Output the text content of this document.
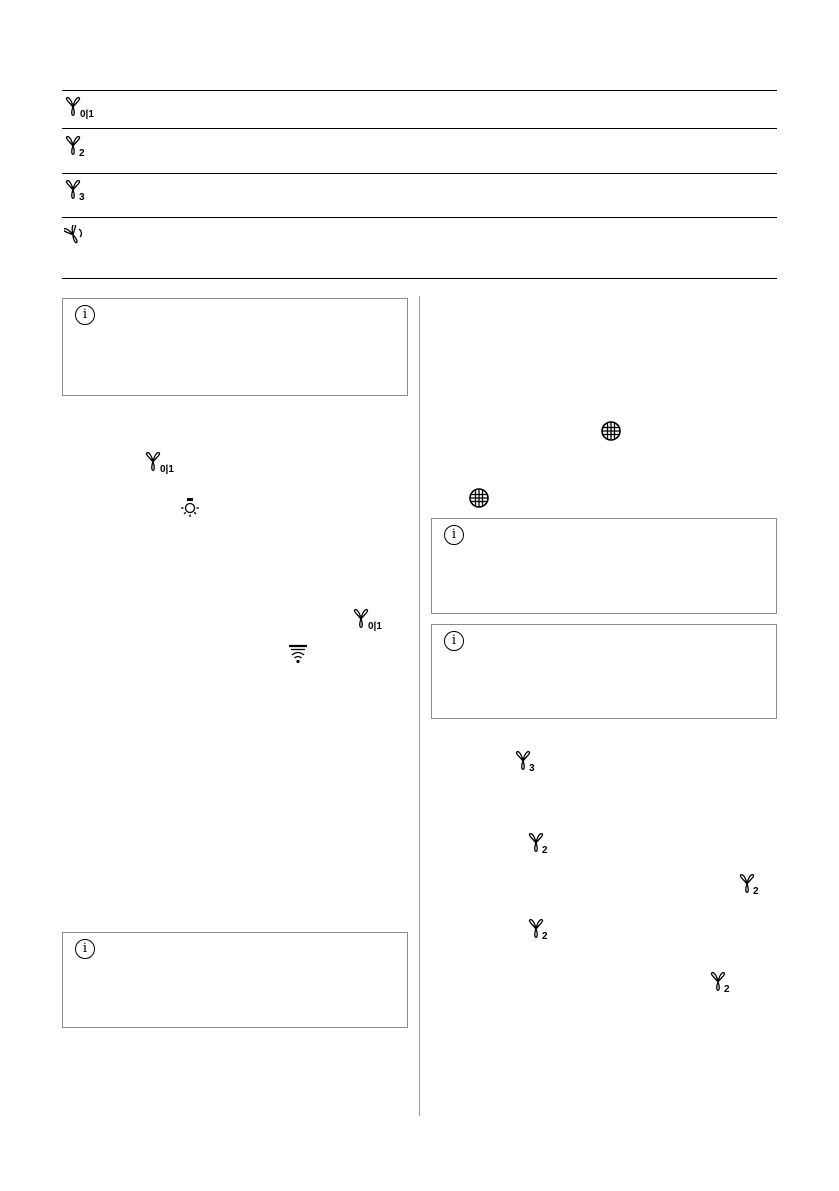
0|1
2
3
i
0|1
0|1
i
i
i
3
2
2
2
2
